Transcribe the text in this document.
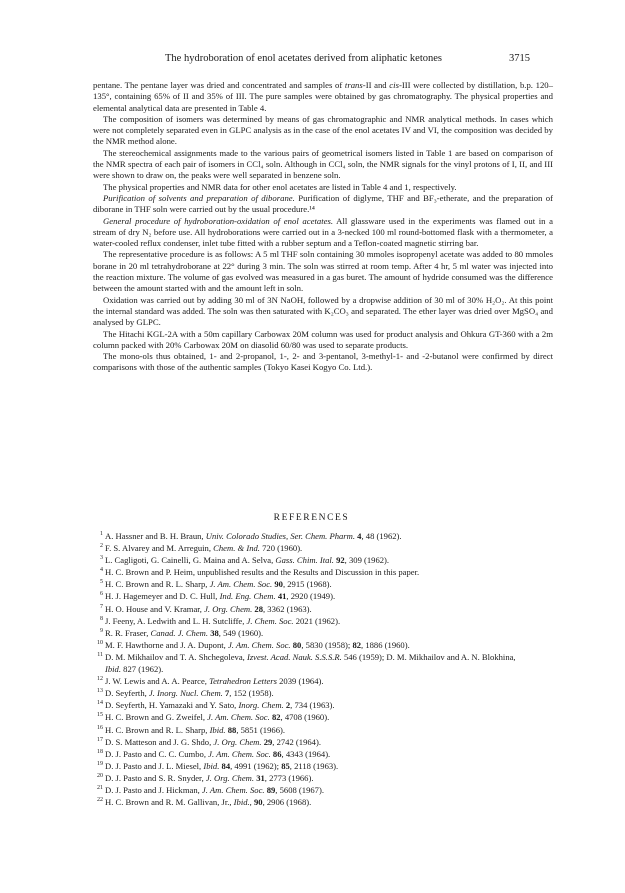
The hydroboration of enol acetates derived from aliphatic ketones	3715

pentane. The pentane layer was dried and concentrated and samples of trans-II and cis-III were collected by distillation, b.p. 120–135°, containing 65% of II and 35% of III. The pure samples were obtained by gas chromatography. The physical properties and elemental analytical data are presented in Table 4.

The composition of isomers was determined by means of gas chromatographic and NMR analytical methods. In cases which were not completely separated even in GLPC analysis as in the case of the enol acetates IV and VI, the composition was decided by the NMR method alone.

The stereochemical assignments made to the various pairs of geometrical isomers listed in Table 1 are based on comparison of the NMR spectra of each pair of isomers in CCl₄ soln. Although in CCl₄ soln, the NMR signals for the vinyl protons of I, II, and III were shown to draw on, the peaks were well separated in benzene soln.

The physical properties and NMR data for other enol acetates are listed in Table 4 and 1, respectively.

Purification of solvents and preparation of diborane. Purification of diglyme, THF and BF₃-etherate, and the preparation of diborane in THF soln were carried out by the usual procedure.¹⁴

General procedure of hydroboration-oxidation of enol acetates. All glassware used in the experiments was flamed out in a stream of dry N₂ before use. All hydroborations were carried out in a 3-necked 100 ml round-bottomed flask with a thermometer, a water-cooled reflux condenser, inlet tube fitted with a rubber septum and a Teflon-coated magnetic stirring bar.

The representative procedure is as follows: A 5 ml THF soln containing 30 mmoles isopropenyl acetate was added to 80 mmoles borane in 20 ml tetrahydroborane at 22° during 3 min. The soln was stirred at room temp. After 4 hr, 5 ml water was injected into the reaction mixture. The volume of gas evolved was measured in a gas buret. The amount of hydride consumed was the difference between the amount started with and the amount left in soln.

Oxidation was carried out by adding 30 ml of 3N NaOH, followed by a dropwise addition of 30 ml of 30% H₂O₂. At this point the internal standard was added. The soln was then saturated with K₂CO₃ and separated. The ether layer was dried over MgSO₄ and analysed by GLPC.

The Hitachi KGL-2A with a 50m capillary Carbowax 20M column was used for product analysis and Ohkura GT-360 with a 2m column packed with 20% Carbowax 20M on diasolid 60/80 was used to separate products.

The mono-ols thus obtained, 1- and 2-propanol, 1-, 2- and 3-pentanol, 3-methyl-1- and -2-butanol were confirmed by direct comparisons with those of the authentic samples (Tokyo Kasei Kogyo Co. Ltd.).

REFERENCES
1 A. Hassner and B. H. Braun, Univ. Colorado Studies, Ser. Chem. Pharm. 4, 48 (1962).
2 F. S. Alvarey and M. Arreguin, Chem. & Ind. 720 (1960).
3 L. Cagligoti, G. Cainelli, G. Maina and A. Selva, Gass. Chim. Ital. 92, 309 (1962).
4 H. C. Brown and P. Heim, unpublished results and the Results and Discussion in this paper.
5 H. C. Brown and R. L. Sharp, J. Am. Chem. Soc. 90, 2915 (1968).
6 H. J. Hagemeyer and D. C. Hull, Ind. Eng. Chem. 41, 2920 (1949).
7 H. O. House and V. Kramar, J. Org. Chem. 28, 3362 (1963).
8 J. Feeny, A. Ledwith and L. H. Sutcliffe, J. Chem. Soc. 2021 (1962).
9 R. R. Fraser, Canad. J. Chem. 38, 549 (1960).
10 M. F. Hawthorne and J. A. Dupont, J. Am. Chem. Soc. 80, 5830 (1958); 82, 1886 (1960).
11 D. M. Mikhailov and T. A. Shchegoleva, Izvest. Acad. Nauk. S.S.S.R. 546 (1959); D. M. Mikhailov and A. N. Blokhina, Ibid. 827 (1962).
12 J. W. Lewis and A. A. Pearce, Tetrahedron Letters 2039 (1964).
13 D. Seyferth, J. Inorg. Nucl. Chem. 7, 152 (1958).
14 D. Seyferth, H. Yamazaki and Y. Sato, Inorg. Chem. 2, 734 (1963).
15 H. C. Brown and G. Zweifel, J. Am. Chem. Soc. 82, 4708 (1960).
16 H. C. Brown and R. L. Sharp, Ibid. 88, 5851 (1966).
17 D. S. Matteson and J. G. Shdo, J. Org. Chem. 29, 2742 (1964).
18 D. J. Pasto and C. C. Cumbo, J. Am. Chem. Soc. 86, 4343 (1964).
19 D. J. Pasto and J. L. Miesel, Ibid. 84, 4991 (1962); 85, 2118 (1963).
20 D. J. Pasto and S. R. Snyder, J. Org. Chem. 31, 2773 (1966).
21 D. J. Pasto and J. Hickman, J. Am. Chem. Soc. 89, 5608 (1967).
22 H. C. Brown and R. M. Gallivan, Jr., Ibid., 90, 2906 (1968).
